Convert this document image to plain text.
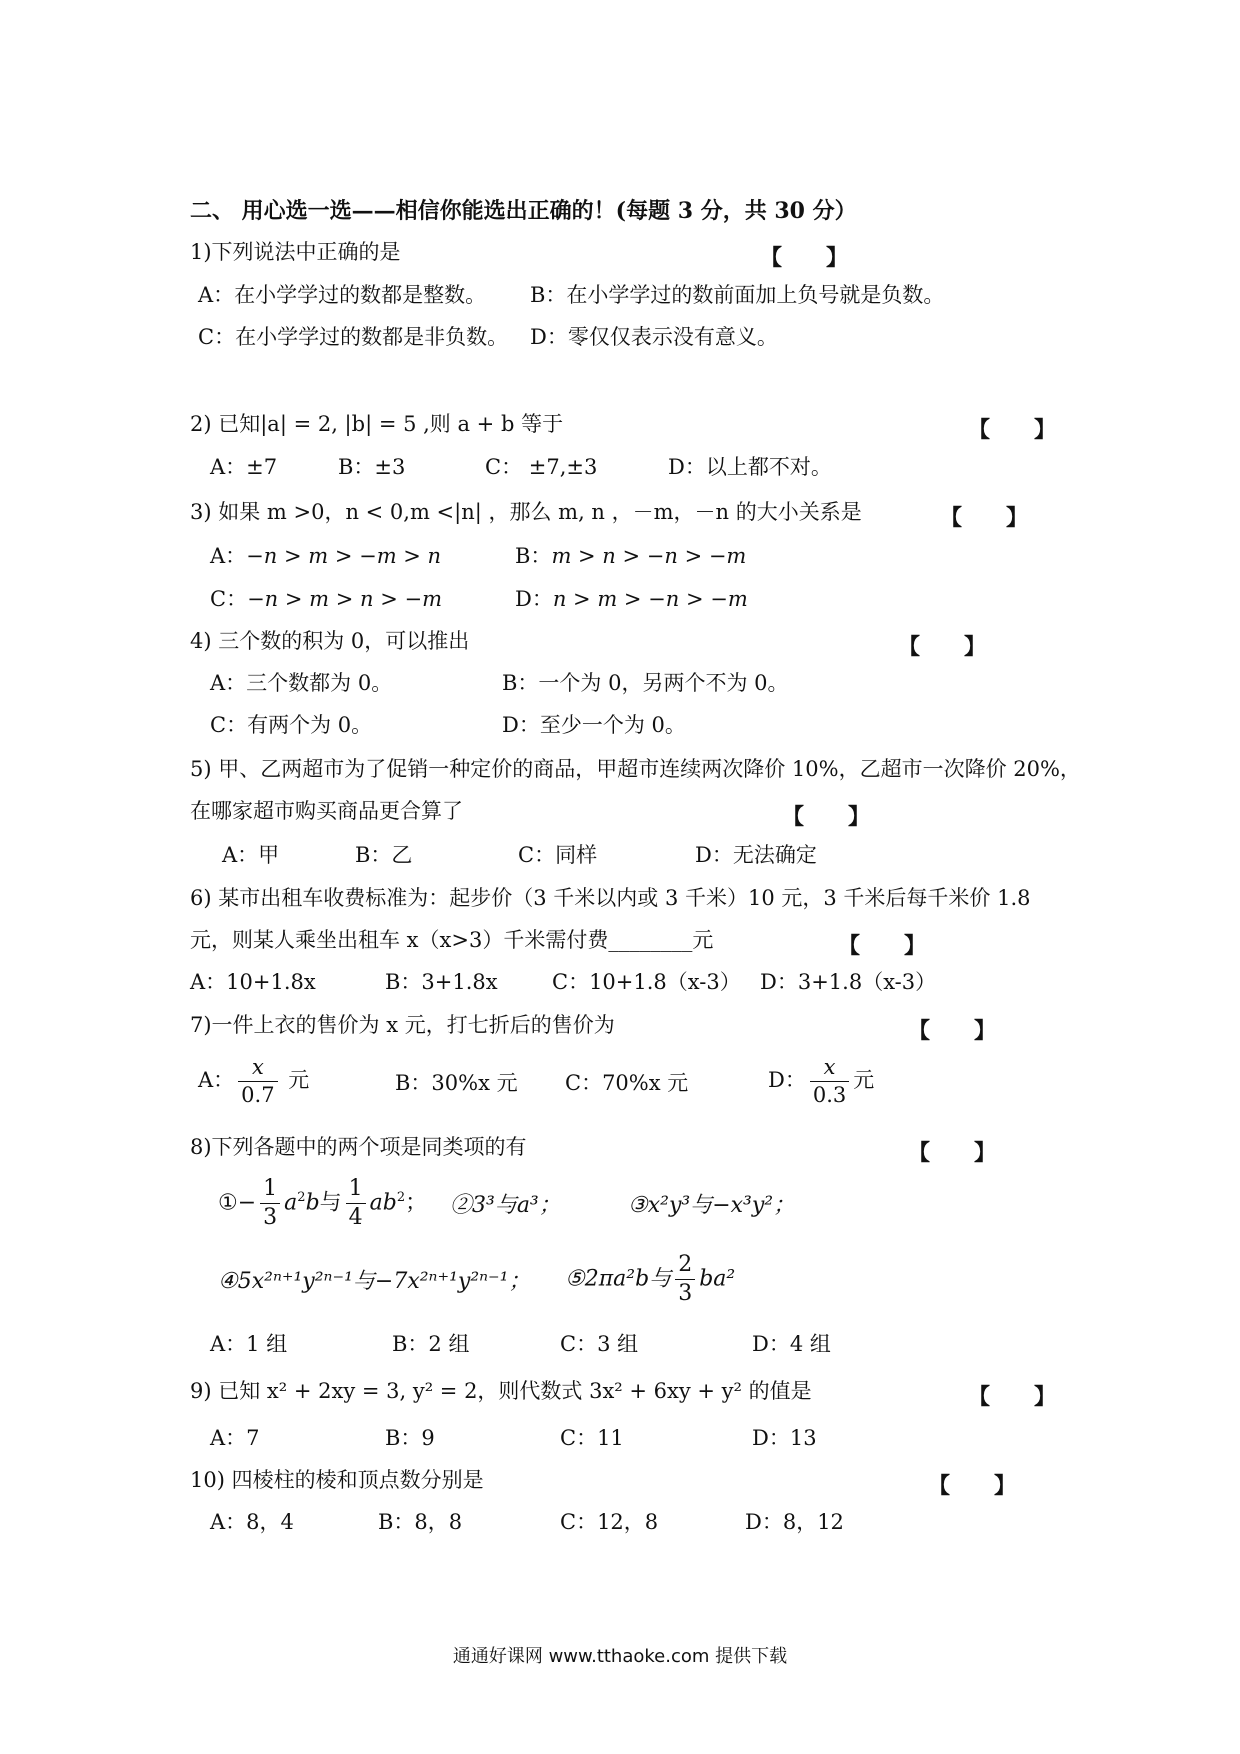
二、 用心选一选——相信你能选出正确的！(每题 3 分，共 30 分）
1)下列说法中正确的是	【　　】
A：在小学学过的数都是整数。 B：在小学学过的数前面加上负号就是负数。
C：在小学学过的数都是非负数。 D：零仅仅表示没有意义。
2) 已知|a| = 2, |b| = 5 ,则 a + b 等于	【　　】
A：±7	B：±3	C： ±7,±3	D：以上都不对。
3) 如果 m >0，n < 0,m <|n| ，那么 m, n ，－m，－n 的大小关系是	【　　】
A：−n > m > −m > n	B：m > n > −n > −m
C：−n > m > n > −m	D：n > m > −n > −m
4) 三个数的积为 0，可以推出	【　　】
A：三个数都为 0。	B：一个为 0，另两个不为 0。
C：有两个为 0。	D：至少一个为 0。
5) 甲、乙两超市为了促销一种定价的商品，甲超市连续两次降价 10%，乙超市一次降价 20%，
在哪家超市购买商品更合算了	【　　】
A：甲	B：乙	C：同样	D：无法确定
6) 某市出租车收费标准为：起步价（3 千米以内或 3 千米）10 元，3 千米后每千米价 1.8
元，则某人乘坐出租车 x（x>3）千米需付费________元	【　　】
A：10+1.8x	B：3+1.8x	C：10+1.8（x-3） D：3+1.8（x-3）
7)一件上衣的售价为 x 元，打七折后的售价为	【　　】
A： $\frac{x}{0.7}$ 元	B：30%x 元 C：70%x 元	D： $\frac{x}{0.3}$ 元
8)下列各题中的两个项是同类项的有	【　　】
①− $\frac{1}{3} a^2b$与 $\frac{1}{4} ab^2$； ②3³与a³；	③x²y³与−x³y²；
④5x²ⁿ⁺¹y²ⁿ⁻¹与−7x²ⁿ⁺¹y²ⁿ⁻¹； ⑤2πa²b与 $\frac{2}{3} ba^2$
A：1 组	B：2 组	C：3 组	D：4 组
9) 已知 x² + 2xy = 3, y² = 2，则代数式 3x² + 6xy + y² 的值是	【　　】
A：7	B：9	C：11	D：13
10) 四棱柱的棱和顶点数分别是	【　　】
A：8，4	B：8，8	C：12，8	D：8，12
通通好课网 www.tthaoke.com 提供下载
